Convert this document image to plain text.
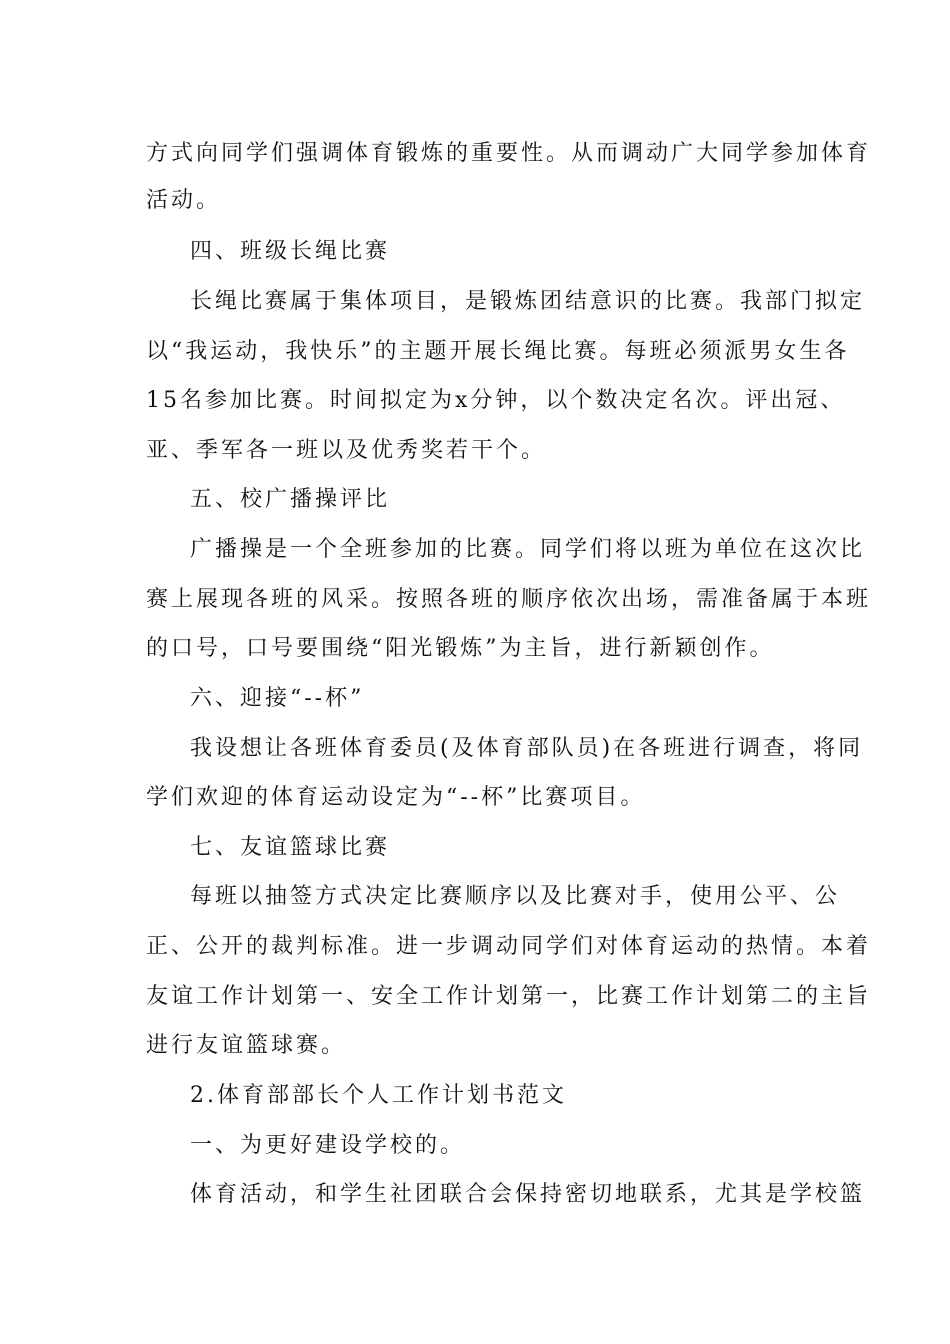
方式向同学们强调体育锻炼的重要性。从而调动广大同学参加体育
活动。
四、班级长绳比赛
长绳比赛属于集体项目，是锻炼团结意识的比赛。我部门拟定
以“我运动，我快乐”的主题开展长绳比赛。每班必须派男女生各
15名参加比赛。时间拟定为x分钟，以个数决定名次。评出冠、
亚、季军各一班以及优秀奖若干个。
五、校广播操评比
广播操是一个全班参加的比赛。同学们将以班为单位在这次比
赛上展现各班的风采。按照各班的顺序依次出场，需准备属于本班
的口号，口号要围绕“阳光锻炼”为主旨，进行新颖创作。
六、迎接“--杯”
我设想让各班体育委员(及体育部队员)在各班进行调查，将同
学们欢迎的体育运动设定为“--杯”比赛项目。
七、友谊篮球比赛
每班以抽签方式决定比赛顺序以及比赛对手，使用公平、公
正、公开的裁判标准。进一步调动同学们对体育运动的热情。本着
友谊工作计划第一、安全工作计划第一，比赛工作计划第二的主旨
进行友谊篮球赛。
2.体育部部长个人工作计划书范文
一、为更好建设学校的。
体育活动，和学生社团联合会保持密切地联系，尤其是学校篮
